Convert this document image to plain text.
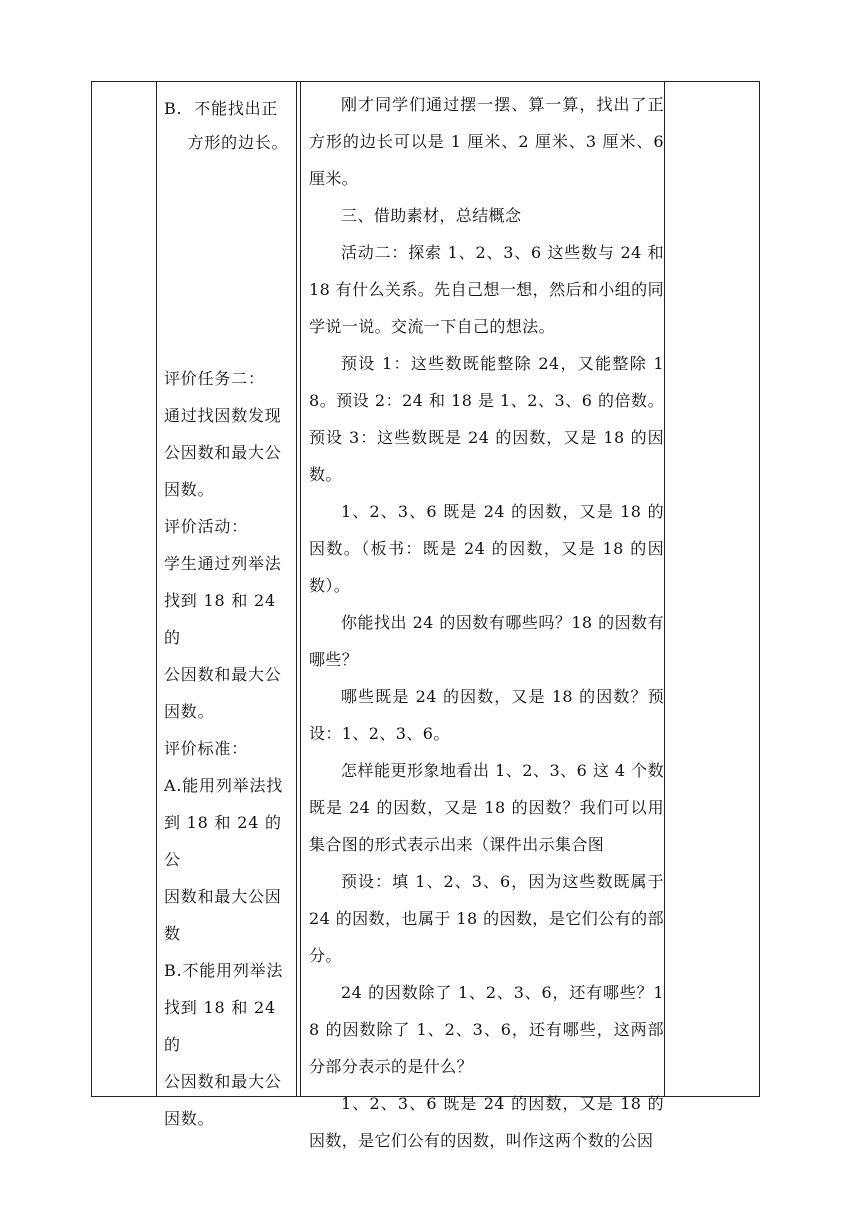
B.  不能找出正

方形的边长。

评价任务二：

通过找因数发现

公因数和最大公

因数。

评价活动：

学生通过列举法

找到 18 和 24 的

公因数和最大公

因数。

评价标准：

A.能用列举法找

到 18 和 24 的公

因数和最大公因

数

B.不能用列举法

找到 18 和 24 的

公因数和最大公

因数。

刚才同学们通过摆一摆、算一算，找出了正方形的边长可以是 1 厘米、2 厘米、3 厘米、6 厘米。

三、借助素材，总结概念

活动二：探索 1、2、3、6 这些数与 24 和 18 有什么关系。先自己想一想，然后和小组的同学说一说。交流一下自己的想法。

预设 1：这些数既能整除 24，又能整除 18。预设 2：24 和 18 是 1、2、3、6 的倍数。预设 3：这些数既是 24 的因数，又是 18 的因数。

1、2、3、6 既是 24 的因数，又是 18 的因数。（板书：既是 24 的因数，又是 18 的因数）。

你能找出 24 的因数有哪些吗？18 的因数有哪些？

哪些既是 24 的因数，又是 18 的因数？预设：1、2、3、6。

怎样能更形象地看出 1、2、3、6 这 4 个数既是 24 的因数，又是 18 的因数？我们可以用集合图的形式表示出来（课件出示集合图

预设：填 1、2、3、6，因为这些数既属于 24 的因数，也属于 18 的因数，是它们公有的部分。

24 的因数除了 1、2、3、6，还有哪些？18 的因数除了 1、2、3、6，还有哪些，这两部分部分表示的是什么？

1、2、3、6 既是 24 的因数，又是 18 的因数，是它们公有的因数，叫作这两个数的公因
